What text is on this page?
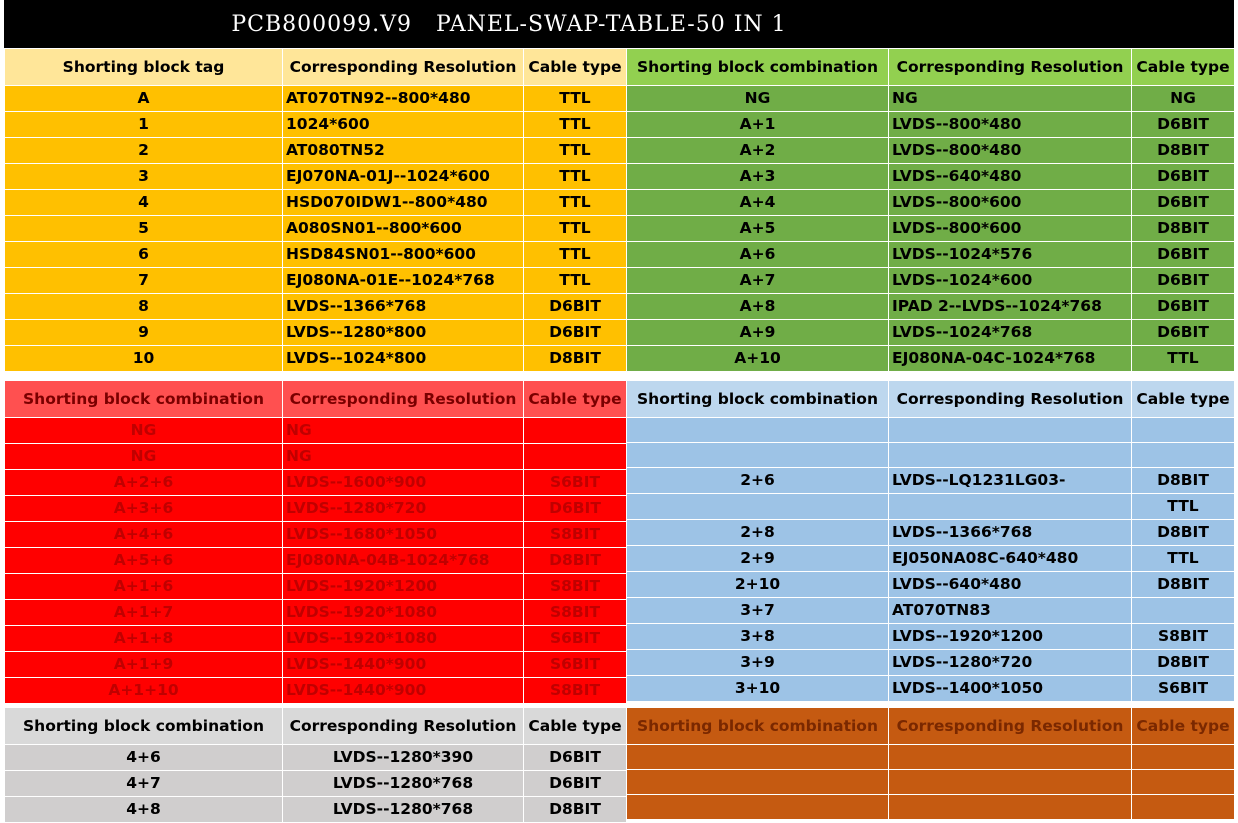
PCB800099.V9   PANEL-SWAP-TABLE-50 IN 1
Shorting block tag	Corresponding Resolution	Cable type
A	AT070TN92--800*480	TTL
1	1024*600	TTL
2	AT080TN52	TTL
3	EJ070NA-01J--1024*600	TTL
4	HSD070IDW1--800*480	TTL
5	A080SN01--800*600	TTL
6	HSD84SN01--800*600	TTL
7	EJ080NA-01E--1024*768	TTL
8	LVDS--1366*768	D6BIT
9	LVDS--1280*800	D6BIT
10	LVDS--1024*800	D8BIT
Shorting block combination	Corresponding Resolution	Cable type
NG	NG	NG
A+1	LVDS--800*480	D6BIT
A+2	LVDS--800*480	D8BIT
A+3	LVDS--640*480	D6BIT
A+4	LVDS--800*600	D6BIT
A+5	LVDS--800*600	D8BIT
A+6	LVDS--1024*576	D6BIT
A+7	LVDS--1024*600	D6BIT
A+8	IPAD 2--LVDS--1024*768	D6BIT
A+9	LVDS--1024*768	D6BIT
A+10	EJ080NA-04C-1024*768	TTL
Shorting block combination	Corresponding Resolution	Cable type
NG	NG	
NG	NG	
A+2+6	LVDS--1600*900	S6BIT
A+3+6	LVDS--1280*720	D6BIT
A+4+6	LVDS--1680*1050	S8BIT
A+5+6	EJ080NA-04B-1024*768	D8BIT
A+1+6	LVDS--1920*1200	S8BIT
A+1+7	LVDS--1920*1080	S8BIT
A+1+8	LVDS--1920*1080	S6BIT
A+1+9	LVDS--1440*900	S6BIT
A+1+10	LVDS--1440*900	S8BIT
Shorting block combination	Corresponding Resolution	Cable type

2+6	LVDS--LQ1231LG03-	D8BIT
		TTL
2+8	LVDS--1366*768	D8BIT
2+9	EJ050NA08C-640*480	TTL
2+10	LVDS--640*480	D8BIT
3+7	AT070TN83	
3+8	LVDS--1920*1200	S8BIT
3+9	LVDS--1280*720	D8BIT
3+10	LVDS--1400*1050	S6BIT
Shorting block combination	Corresponding Resolution	Cable type
4+6	LVDS--1280*390	D6BIT
4+7	LVDS--1280*768	D6BIT
4+8	LVDS--1280*768	D8BIT
Shorting block combination	Corresponding Resolution	Cable type
